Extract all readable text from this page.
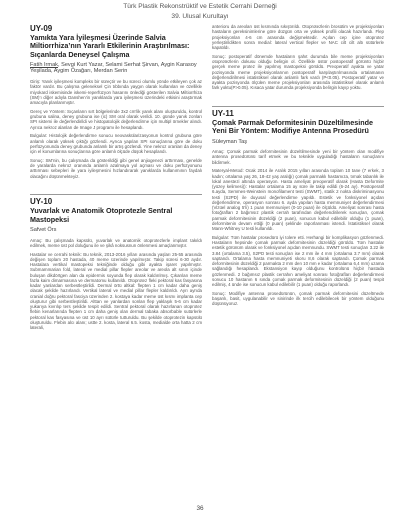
Türk Plastik Rekonstrüktif ve Estetik Cerrahi Derneği
39. Ulusal Kurultayı
UY-09
Yamıkta Yara İyileşmesi Üzerinde Salvia Miltiorrhiza’nın Yararlı Etkilerinin Araştırılması: Sıçanlarda Deneysel Çalışma
Fatih Irmak, Sevgi Kurt Yazar, Selami Serhat Şirvan, Aygin Karasoy Yeşilada, Aygim Özağarı, Merdan Serin
Giriş: Yanık iyileşmesi kompleks bir süreçtir ve bu süreci olumlu yönde etkileyen çok az faktör vardır. Bu çalışma geleneksel Çin tıbbında yaygın olarak kullanılan ve özellikle miyokard iskemisinde iskemi-reperfüzyon hasarını önlediği gösterilen Salvia Miltiorrhiza (SM)’ı diğer adıyla Danshen’in yanıklarda yara iyileşmesi üzerindeki etkisini araştırmak amacıyla planlanmıştır.
Gereç ve Yöntem: Sıçanların sırt bölgelerinde 3x2 cm’lik yanık alanı oluşturuldu, kontrol grubuna salina, deney grubuna ise (ic) SM oral olarak verildi. 10. günde yanık zonları SPI sistemi ile değerlendirildi ve histopatolojik değerlendirme için multipl örnekler alındı. Ayrıca nekroz alanları de Image J programı ile hesaplandı.
Bulgular: Histolojik değerlendirme sonucu neovaskülarizasyonun kontrol grubuna göre anlamlı olarak yüksek çıktığı gözlendi. Ayrıca yapılan SPI sonuçlarına göre de doku perfüzyonunda deney grubunda anlamlı bir artış gözlendi. Yine nekroz oranları da deney için el konumlarına sonuçlarına göre anlamlı ölçüde düşük hesaplandı.
Sonuç: SM’nin, bu çalışmada da gösterildiği gibi genel anjiogenezi arttırması, genelde de yaralarda nekroz oranında anlamlı azalmaya yol açması ve doku perfüzyonunu arttırması sebepleri ile yara iyileşmesini hızlandırarak yanıklarda kullanımının faydalı olacağını düşünmekteyiz.
UY-10
Yuvarlak ve Anatomik Otoprotezle Sentral Mastopeksi
Safvet Örs
Amaç: Bu çalışmada kapsülü, yuvarlak ve anatomik otoprotezlerle implant takıldı edilmek, meme üst pol doluğunu ile ve şikâ noksusnun önlenmesi amaçlanmıştır.
Hastalar ve cerrahi teknik: Bu teknik, 2013-2016 yılları arasında yaşları 25-55 arasında değişen toplam 20 hastada, 40 meme üzerinde yapılmıştır. Takip süresi 6-30 aydır. Hastalara vertikal mastopeksi tekniğinde olduğu gibi ayakta işaret yapılmıştır. Submammarian fold, lateral ve medial pillar flepler areolar ve areola alt sınırı içinde buluşan dikdörtgen alan da epidermis soyunda flep olarak kaldırılmış. Çıkarılan meme fazla kaim dimarmasına ve dermatomu kullanıldı. Otoprotez fleki pektoral kas fasyasına kadar yanlardan serbestleştirildi. Dermal örtü altkal: flepten 1 cm kadar daha geniş olacak şekilde hazırlandı. Vertikal lateral ve medial pillar flepler kaldırıldı. Ayrı ayrıda cranial doğru pektoral fasciya üzerinden 2. kostaya kadar meme üst kısmı implanta cep oluşturur gibi serbestleştirildi. Alttan ve yanlardan sonlan flep yaklaşık 5-6 cm kadar yukarıya kıvrılıp ters şekilde tespit edildi. Sentral pektoral olarak hazırlanan otoprotez flebin kenarlarında flepten 1 cm daha geniş olan dermal tabaka absorbable sutürlerle pektoral kas fasyasına ve üst 10 ayrı sütürle tutturuldu. Bu şekilde otoprotezin kapsülü oluşturuldu. Flebin alcı alanı; ustte 2. kosta, lateral 6.5. kosta, medialde orta hatta 2 cm laterali,
anterioru da areoları üst kısmında sıkıştırıldı. Otoprotezlerin brosütim ve projeksiyonları hastaların gereksinimlerine göre düzgün orta ve yüksek profili olacak hazırlandı. Flep projeksiyonları 4-6 cm arasında değişmektedir. Açılan cep içine otoprotez yerleştirildikten sonra medial: lateral vertical flepler ve NAC cilt cilt altı sütürlerle kapatıldı.
Sonuç: postoperatif dönemde hastaların şahıt durumda bile meme projeksiyonları otoprotezlerin dokusu olduğu belirgin ol. Özellikle üstür postoperatif görüntü hiçbir gerçek meme protez ile yapılmış mastopeksi görüldü. Preoperatif ayakta ve yatar pozisyonda meme projeksiyonlarının postoperatif karşılaştırılmasında ortalamanın değerlendirilmesi istatistiksel olarak anlamlı fark vardı (P<0.05). Postoperatif yatar ve ayakta pozisyonda ölçülen meme projeksiyonları arasında istatistiksel olarak anlamlı fark yoktu(P>0.05). Kısaca yatar durumda projeksiyonda belirgin kayıp yoktu.
UY-11
Çomak Parmak Deformitesinin Düzeltilmesinde Yeni Bir Yöntem: Modifiye Antenna Prosedürü
Süleyman Taş
Amaç: Çomak parmak deformitesinin düzeltilmesinde yeni bir yöntem olan modifiye antenna prosedürünü tarif etmek ve bu teknikle uyguladığı hastaların sonuçlarını bildirmek.
Materyal-Metod: Ocak 2014 ile Aralık 2015 yılları arasında toplam 10 tane (7 erkek, 3 kadın; ortalama yaş 26, 18-42 yaş aralığı) çomak parmaklı hastamıza, tırnak tabanlık ile lokal anestezi altında operasyon. Hasta ameliyat preoperatif olarak (Hasta Deformite (yüzey kelimesi)): Hastalar ortalama 15 ay süre ile takip edildi (6-24 ay). Postoperatif 6.ayda, Semmes-Weinstein monofilament testi (SWMT), statik 2 nokta diskriminasyonu testi (S2PD) ile duyusal değerlendirme yapıldı. Estetik ve fonksiyonel açıdan değerlendirme, operasyon sonrası 6. ayda yapılan hasta memnuniyet değerlendirmesi (Vizüel analog 5’li) 1 puan memnuniyet (0-10 puan) ile ölçüldü. Ameliyat sonrası hasta fotoğrafları 2 bağımsız plastik cerrah tarafından değerlendirilerek sonuçları, çomak parmak deformitesinin düzeldiği (2 puan), sonucun kabul edilebilir olduğu (1 puan), deformitenin devam ettiği (0 puan) şeklinde raporlanması istendi. İstatistiksel olarak Mann-Whitney U testi kullanıldı.
Bulgular: Tüm hastalar prosedürü iyi tolere etti. Herhangi bir komplikasyon gözlenmedi. Hastaların hepsinde çomak parmak deformitesinin düzeldiği görüldü. Tüm hastalar estetik görünüm olarak ve fonksiyonel açıdan memnundu. SWMT testi sonuçları 3.22 ile 3.84 (ortalama 3.5), S2PD testi sonuçları ise 2 mm ile 4 mm (ortalama 3.7 mm) olarak saptandı. Ortalama hasta memnuniyeti skoru 8,6 olarak saptandı. Çomak parmak deformitesinin düzeldiği 2 parmakta 2 mm den 10 mm e kadar (ortalama 6,4 mm) uzama sağlandığı hesaplandı. Ekstansiyon kayıp olduğunu kontrolünü hiçbir hastada gözlenmedi. 2 bağımsız plastik cerrahın ameliyat sonrası fotoğrafları değerlendirmesi sonucu 10 hastanın 6 sında çomak parmak deformitesinin düzeldiği (2 puan) tespit edilmiş, 4 ünde ise sonucun kabul edilebilir (1 puan) olduğu raporlandı.
Sonuç: Modifiye antenna prosedürünün, çomak parmak deformitesini düzeltmede başarılı, basit, uygulanabilir ve sinirinde ilk tercih edilebilecek bir yöntem olduğunu düşünüyoruz.
36
